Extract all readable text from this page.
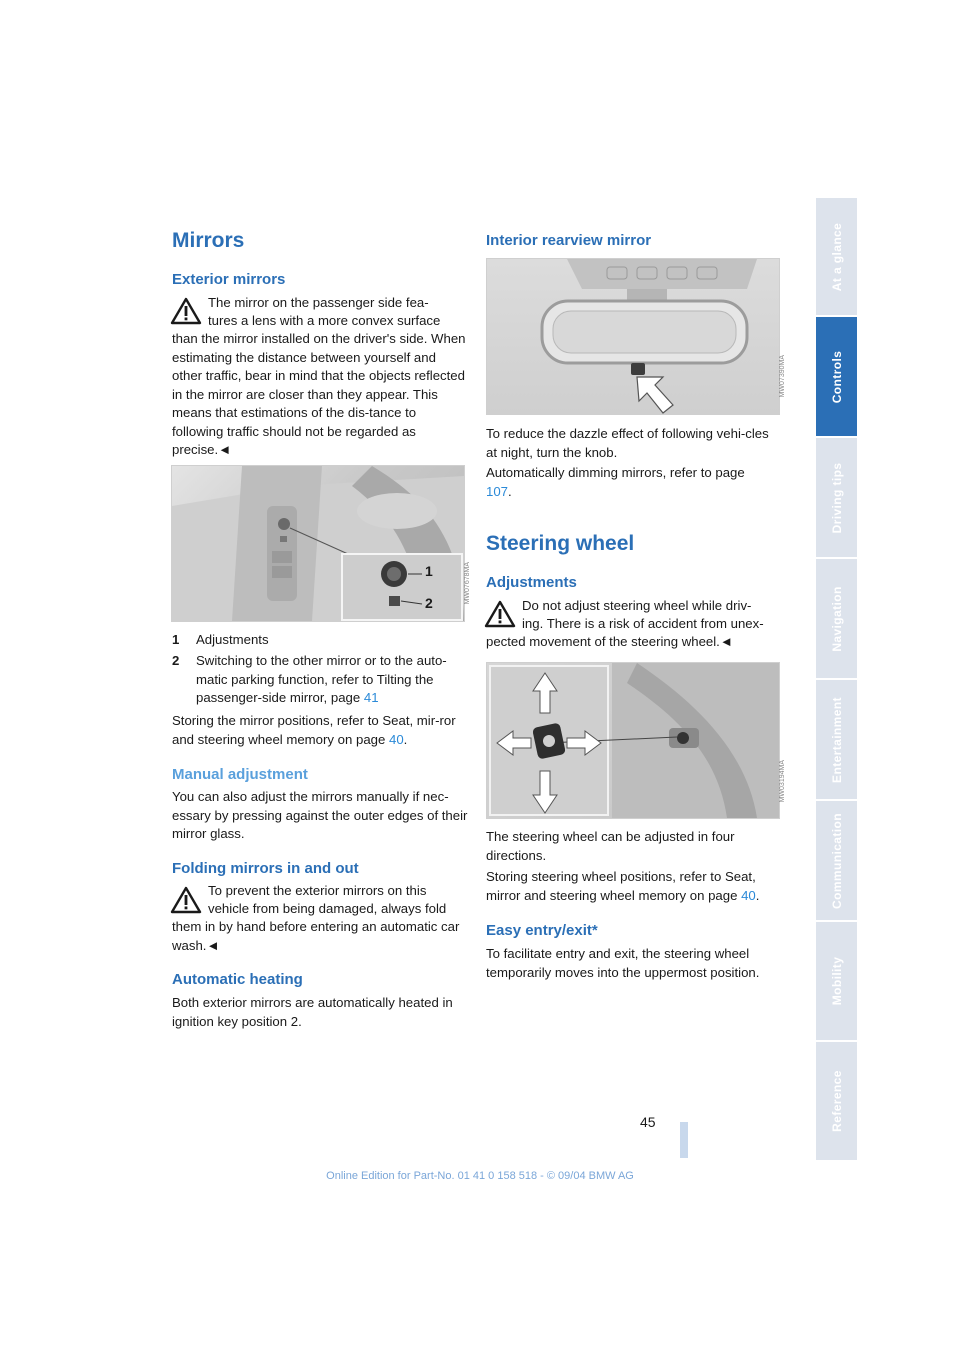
Mirrors
Exterior mirrors
The mirror on the passenger side fea-
tures a lens with a more convex surface

than the mirror installed on the driver's side. When estimating the distance between yourself and other traffic, bear in mind that the objects reflected in the mirror are closer than they appear. This means that estimations of the dis-tance to following traffic should not be regarded as precise.◄

1
2	MW07678MA
1 Adjustments
2	Switching to the other mirror or to the auto-matic parking function, refer to Tilting the passenger-side mirror, page 41

Storing the mirror positions, refer to Seat, mir-ror and steering wheel memory on page 40.

Manual adjustment

You can also adjust the mirrors manually if nec-essary by pressing against the outer edges of their mirror glass.

Folding mirrors in and out
To prevent the exterior mirrors on this
vehicle from being damaged, always fold

them in by hand before entering an automatic car wash.◄

Automatic heating

Both exterior mirrors are automatically heated in ignition key position 2.

Interior rearview mirror
MW07390MA

To reduce the dazzle effect of following vehi-cles at night, turn the knob.

Automatically dimming mirrors, refer to page 107.

Steering wheel
Adjustments
Do not adjust steering wheel while driv-
ing. There is a risk of accident from unex-

pected movement of the steering wheel.◄

MW03194MA

The steering wheel can be adjusted in four directions.

Storing steering wheel positions, refer to Seat, mirror and steering wheel memory on page 40.

Easy entry/exit*

To facilitate entry and exit, the steering wheel temporarily moves into the uppermost position.

45
At a glance
Controls
Driving tips
Navigation
Entertainment
Communication
Mobility
Reference
Online Edition for Part-No. 01 41 0 158 518 - © 09/04 BMW AG
